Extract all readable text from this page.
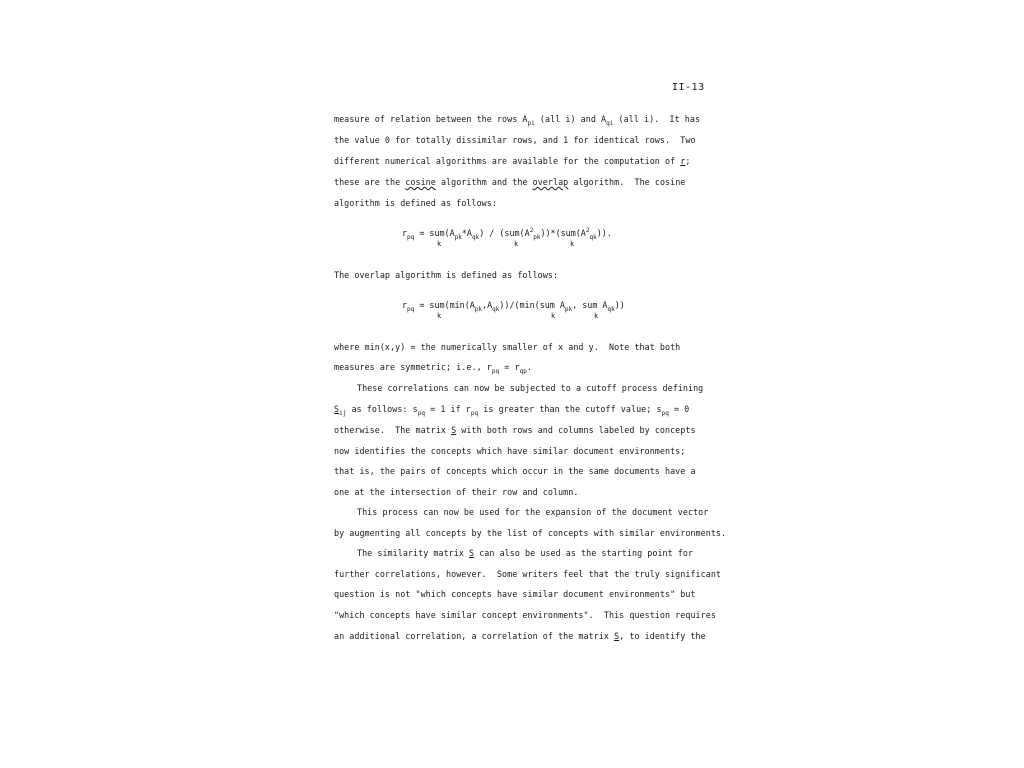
II-13
measure of relation between the rows $A_{pi}$ (all i) and $A_{qi}$ (all i).  It has
the value 0 for totally dissimilar rows, and 1 for identical rows.  Two
different numerical algorithms are available for the computation of r;
these are the cosine algorithm and the overlap algorithm.  The cosine
algorithm is defined as follows:
$r_{pq} = sum(A_{pk}*A_{qk}) / (sum(A^2_{pk}))*(sum(A^2_{qk}))$.
k	k	k
The overlap algorithm is defined as follows:
$r_{pq} = sum(\min(A_{pk},A_{qk}))/(\min(sum$ $A_{pk}$, sum $A_{qk}$))
k	k	k
where min(x,y) = the numerically smaller of x and y.  Note that both
measures are symmetric; i.e., $r_{pq} = r_{qp}$.
These correlations can now be subjected to a cutoff process defining
$S_{ij}$ as follows: $s_{pq} = 1$ if $r_{pq}$ is greater than the cutoff value; $s_{pq} = 0$
otherwise.  The matrix S with both rows and columns labeled by concepts
now identifies the concepts which have similar document environments;
that is, the pairs of concepts which occur in the same documents have a
one at the intersection of their row and column.
This process can now be used for the expansion of the document vector
by augmenting all concepts by the list of concepts with similar environments.
The similarity matrix S can also be used as the starting point for
further correlations, however.  Some writers feel that the truly significant
question is not "which concepts have similar document environments" but
"which concepts have similar concept environments".  This question requires
an additional correlation, a correlation of the matrix S, to identify the
